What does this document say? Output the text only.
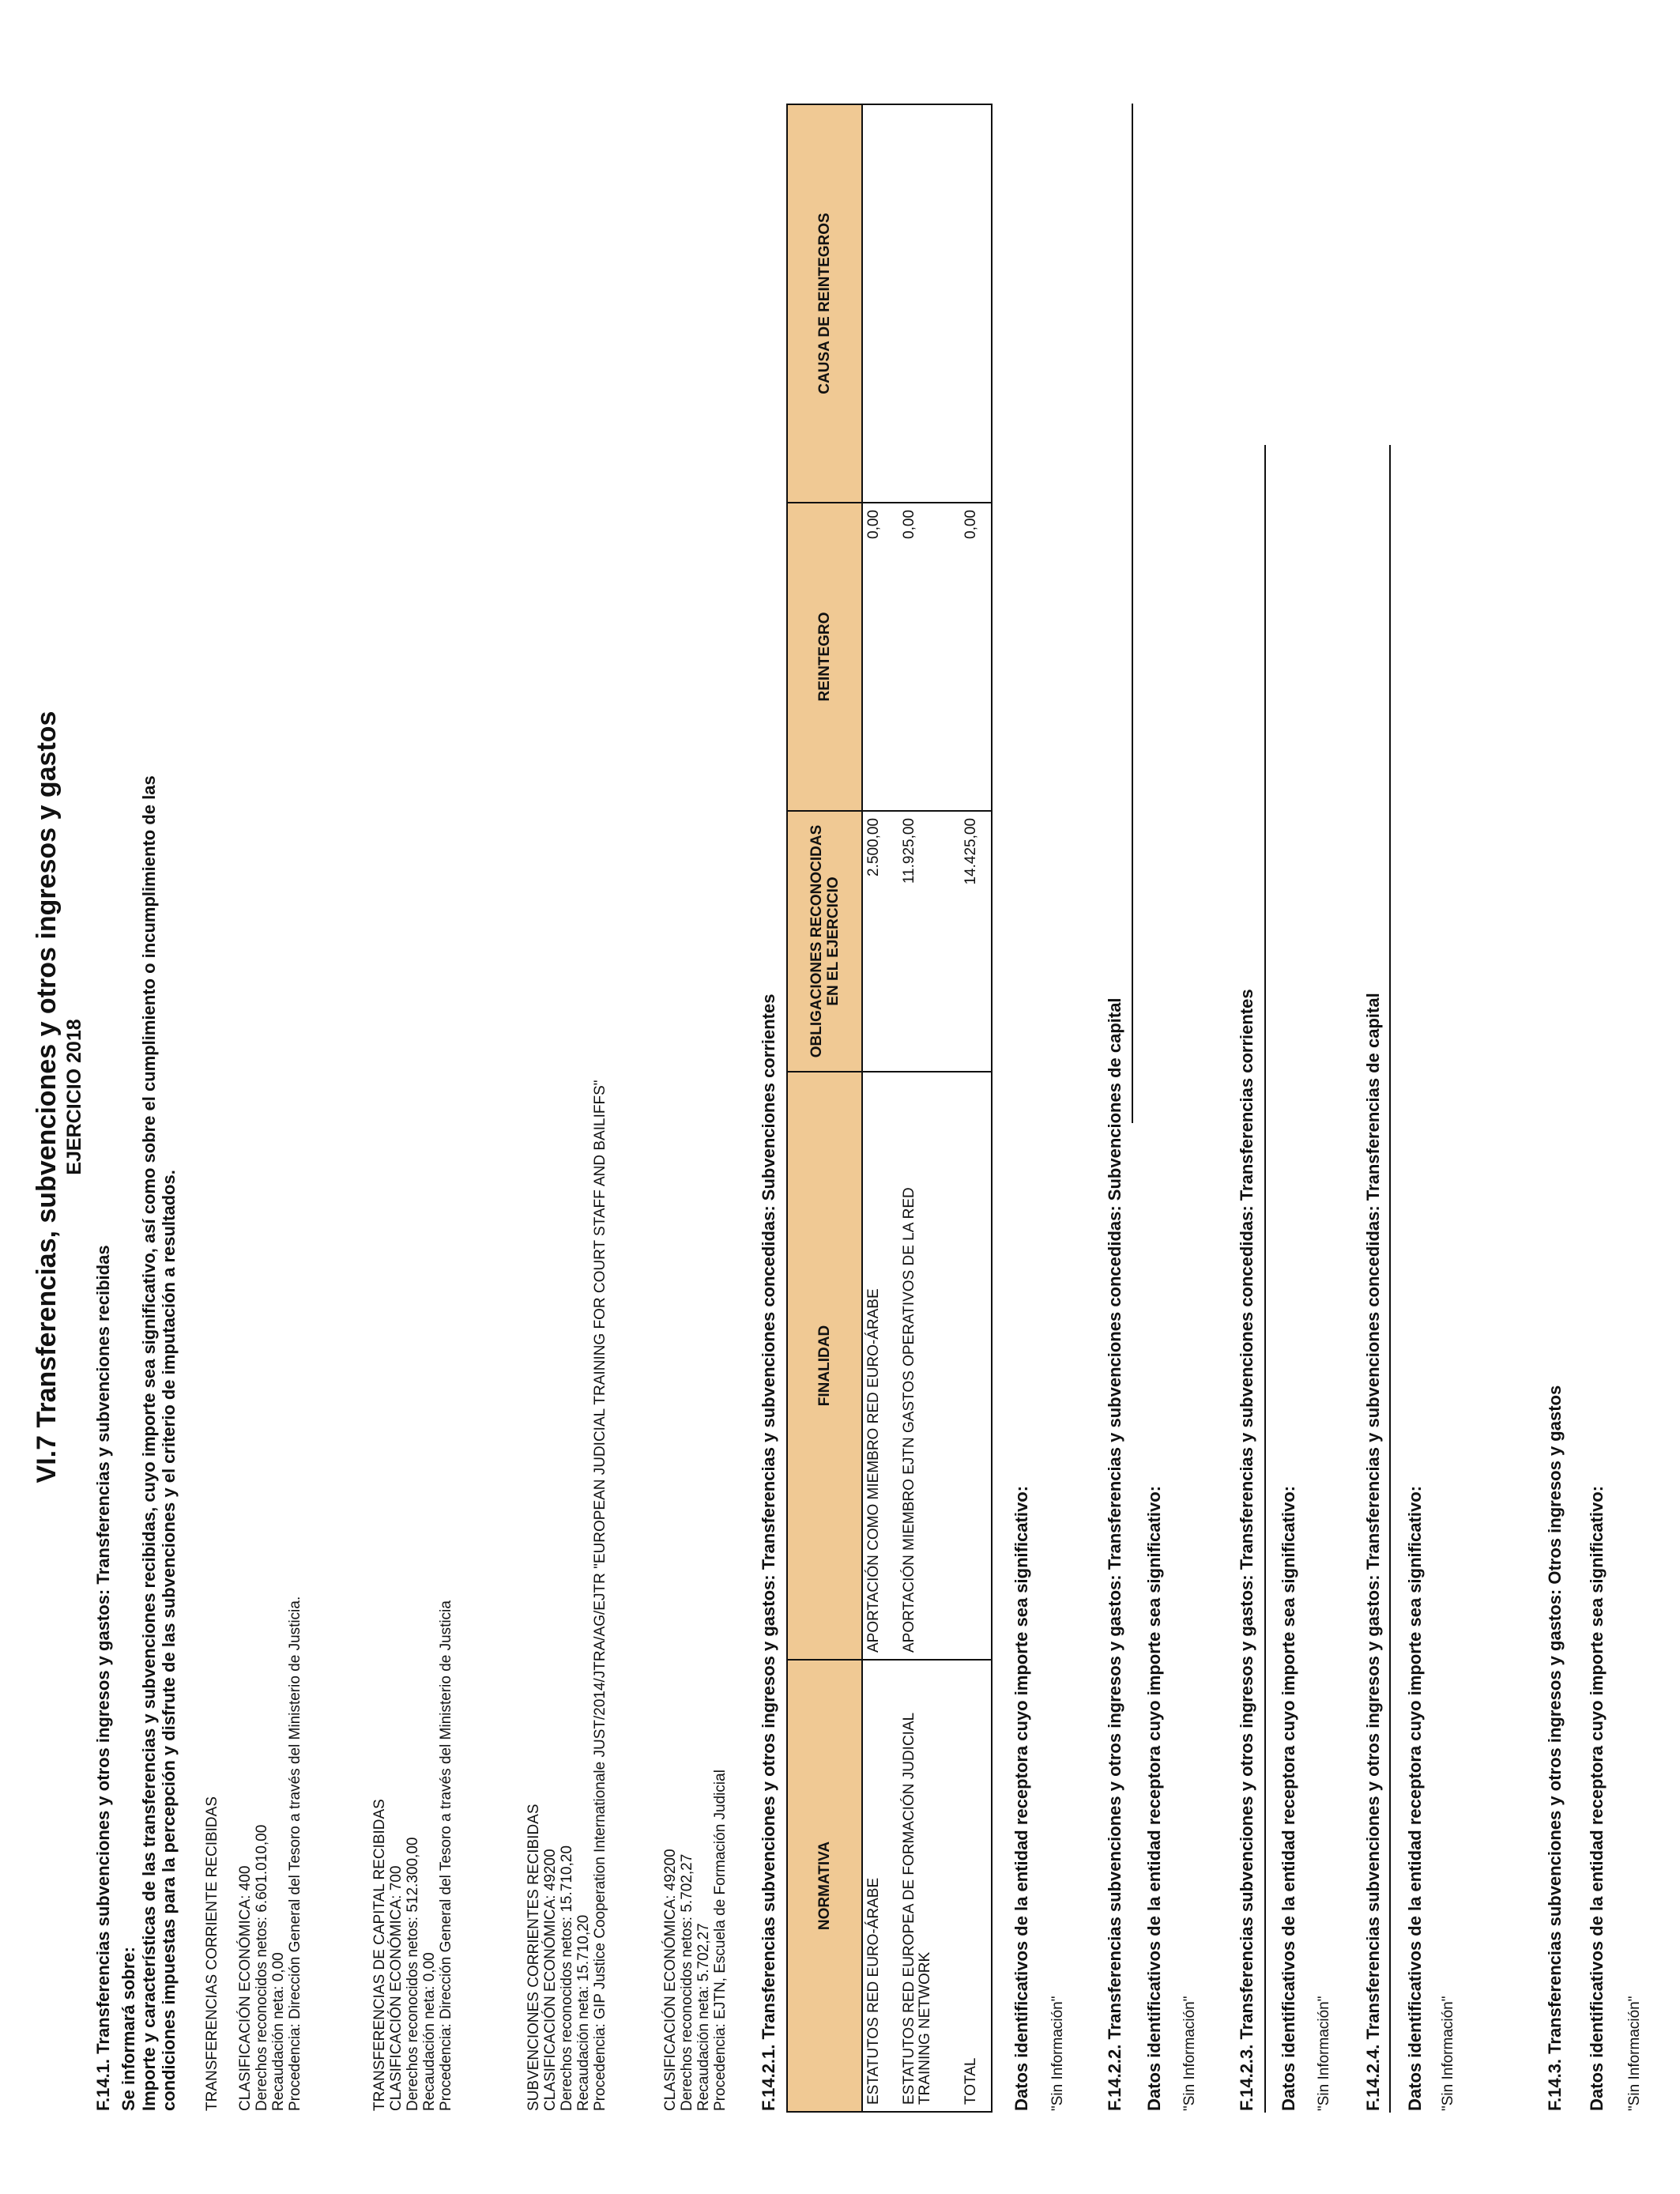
VI.7 Transferencias, subvenciones y otros ingresos y gastos EJERCICIO 2018
F.14.1. Transferencias subvenciones y otros ingresos y gastos: Transferencias y subvenciones recibidas Se informará sobre: Importe y características de las transferencias y subvenciones recibidas, cuyo importe sea significativo, así como sobre el cumplimiento o incumplimiento de las condiciones impuestas para la percepción y disfrute de las subvenciones y el criterio de imputación a resultados. TRANSFERENCIAS CORRIENTE RECIBIDAS CLASIFICACIÓN ECONÓMICA: 400 Derechos reconocidos netos: 6.601.010,00 Recaudación neta: 0,00 Procedencia: Dirección General del Tesoro a través del Ministerio de Justicia.	TRANSFERENCIAS DE CAPITAL RECIBIDAS CLASIFICACIÓN ECONÓMICA: 700 Derechos reconocidos netos: 512.300,00 Recaudación neta: 0,00 Procedencia: Dirección General del Tesoro a través del Ministerio de Justicia	SUBVENCIONES CORRIENTES RECIBIDAS CLASIFICACIÓN ECONÓMICA: 49200 Derechos reconocidos netos: 15.710,20 Recaudación neta: 15.710,20 Procedencia: GIP Justice Cooperation Internationale JUST/2014/JTRA/AG/EJTR "EUROPEAN JUDICIAL TRAINING FOR COURT STAFF AND BAILIFFS"	CLASIFICACIÓN ECONÓMICA: 49200 Derechos reconocidos netos: 5.702,27 Recaudación neta: 5.702,27 Procedencia: EJTN, Escuela de Formación Judicial F.14.2.1. Transferencias subvenciones y otros ingresos y gastos: Transferencias y subvenciones concedidas: Subvenciones corrientes	NORMATIVA	FINALIDAD	OBLIGACIONES RECONOCIDAS EN EL EJERCICIO	REINTEGRO	CAUSA DE REINTEGROS
ESTATUTOS RED EURO-ÁRABE	APORTACIÓN COMO MIEMBRO RED EURO-ÁRABE	2.500,00	0,00	
ESTATUTOS RED EUROPEA DE FORMACIÓN JUDICIAL TRAINING NETWORK	APORTACIÓN MIEMBRO EJTN GASTOS OPERATIVOS DE LA RED	11.925,00	0,00	
TOTAL		14.425,00	0,00	
Datos identificativos de la entidad receptora cuyo importe sea significativo: "Sin Información" F.14.2.2. Transferencias subvenciones y otros ingresos y gastos: Transferencias y subvenciones concedidas: Subvenciones de capital Datos identificativos de la entidad receptora cuyo importe sea significativo: "Sin Información" F.14.2.3. Transferencias subvenciones y otros ingresos y gastos: Transferencias y subvenciones concedidas: Transferencias corrientes Datos identificativos de la entidad receptora cuyo importe sea significativo: "Sin Información" F.14.2.4. Transferencias subvenciones y otros ingresos y gastos: Transferencias y subvenciones concedidas: Transferencias de capital Datos identificativos de la entidad receptora cuyo importe sea significativo: "Sin Información"	F.14.3. Transferencias subvenciones y otros ingresos y gastos: Otros ingresos y gastos Datos identificativos de la entidad receptora cuyo importe sea significativo: "Sin Información"
